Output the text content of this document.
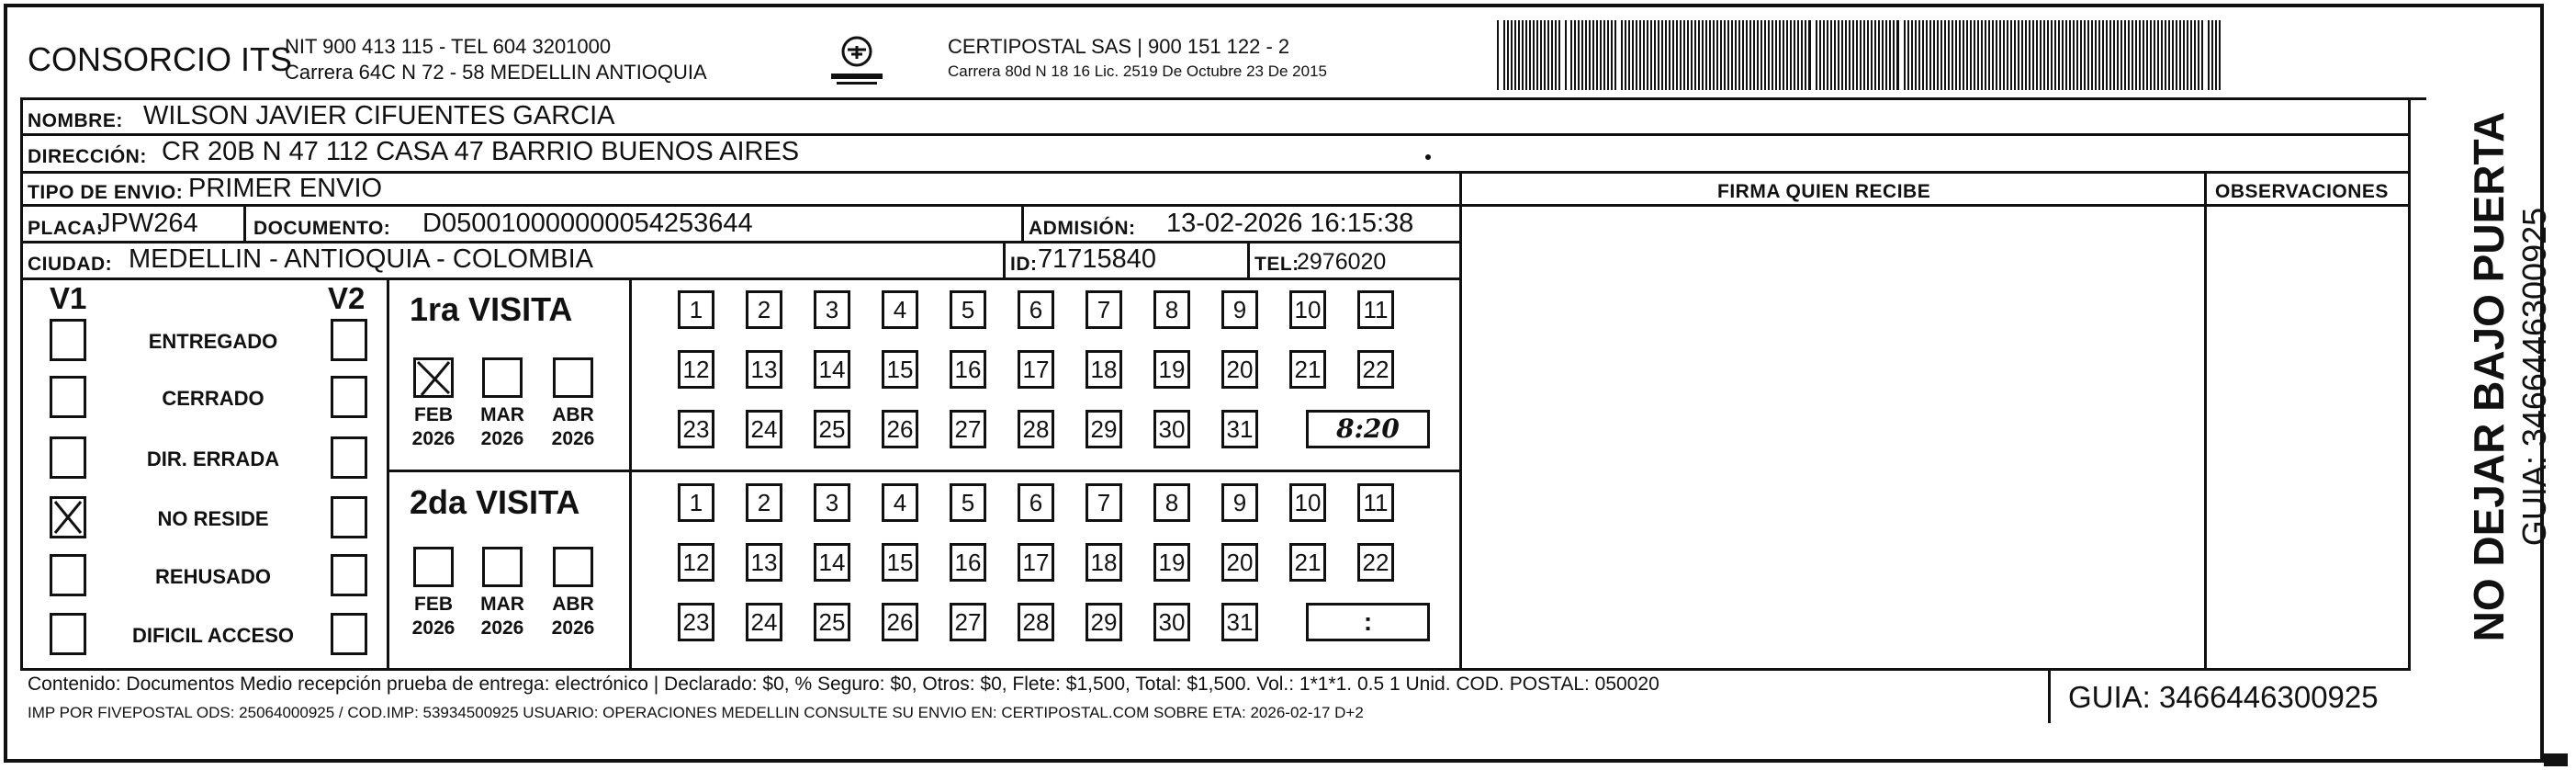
CONSORCIO ITS
NIT 900 413 115 - TEL 604 3201000
Carrera 64C N 72 - 58 MEDELLIN ANTIOQUIA
CERTIPOSTAL SAS | 900 151 122 - 2
Carrera 80d N 18 16 Lic. 2519 De Octubre 23 De 2015
NOMBRE: WILSON JAVIER CIFUENTES GARCIA
DIRECCIÓN: CR 20B N 47 112 CASA 47 BARRIO BUENOS AIRES
TIPO DE ENVIO: PRIMER ENVIO	FIRMA QUIEN RECIBE	OBSERVACIONES
PLACA:
JPW264	DOCUMENTO: D050010000000054253644	ADMISIÓN: 13-02-2026 16:15:38
CIUDAD: MEDELLIN - ANTIOQUIA - COLOMBIA	ID: 71715840	TEL:
2976020
V1	V2
ENTREGADO
CERRADO
DIR. ERRADA
NO RESIDE
REHUSADO
DIFICIL ACCESO
1ra VISITA
2da VISITA
FEB
2026
MAR
2026
ABR
2026
FEB
2026
MAR
2026
ABR
2026
1	2	3	4	5	6	7	8	9	10 11
12 13 14 15 16 17 18 19 20 21 22
23 24 25 26 27 28 29 30 31	8:20
1	2	3	4	5	6	7	8	9	10 11
12 13 14 15 16 17 18 19 20 21 22
23 24 25 26 27 28 29 30 31	:
Contenido: Documentos Medio recepción prueba de entrega: electrónico | Declarado: $0, % Seguro: $0, Otros: $0, Flete: $1,500, Total: $1,500. Vol.: 1*1*1. 0.5 1 Unid. COD. POSTAL: 050020
IMP POR FIVEPOSTAL ODS: 25064000925 / COD.IMP: 53934500925 USUARIO: OPERACIONES MEDELLIN CONSULTE SU ENVIO EN: CERTIPOSTAL.COM SOBRE ETA: 2026-02-17 D+2	GUIA: 3466446300925
NO DEJAR BAJO PUERTA GUIA: 3466446300925
